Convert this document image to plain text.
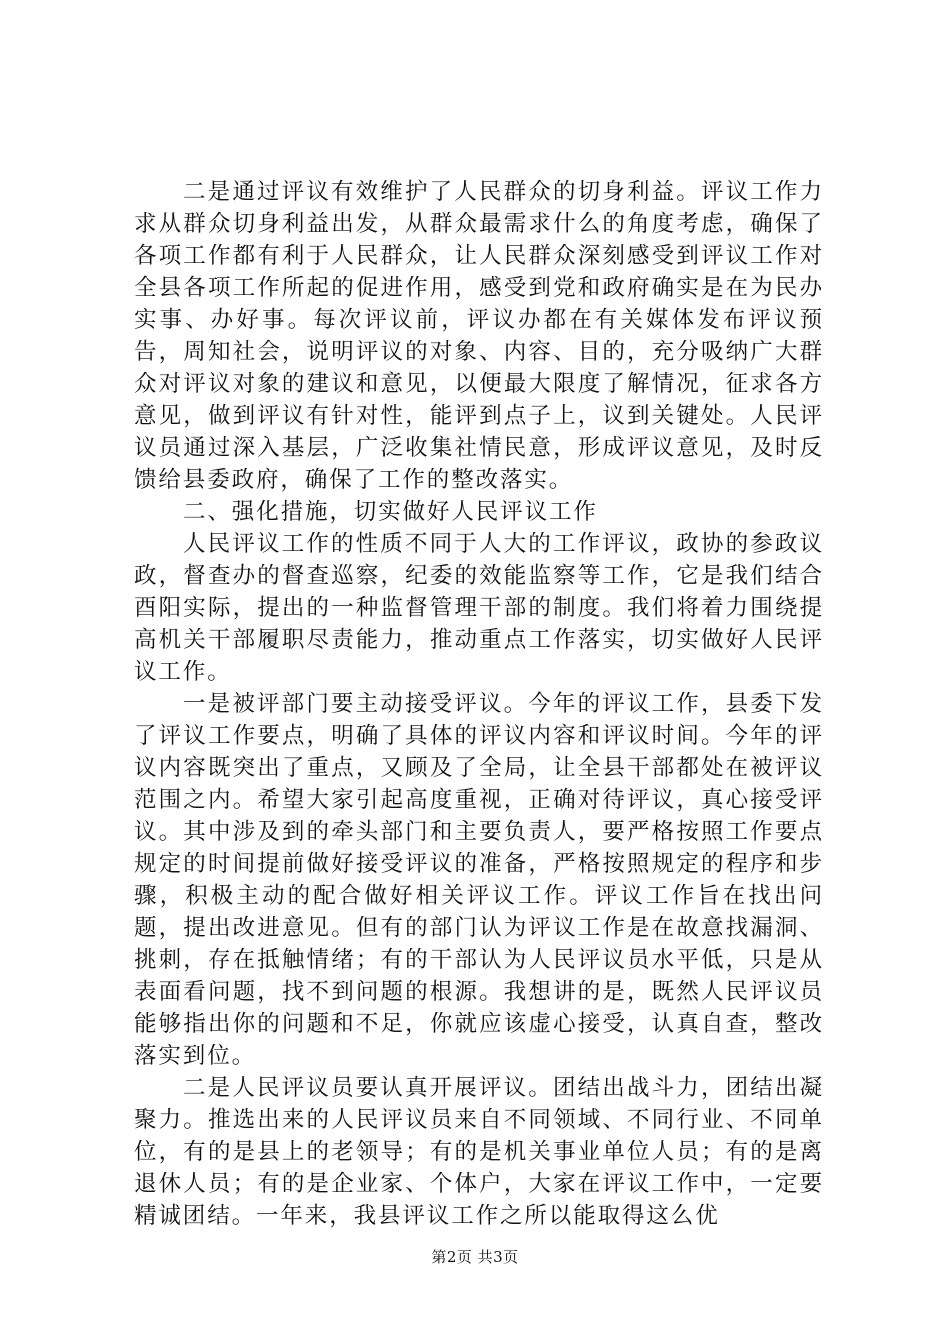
二是通过评议有效维护了人民群众的切身利益。评议工作力求从群众切身利益出发，从群众最需求什么的角度考虑，确保了各项工作都有利于人民群众，让人民群众深刻感受到评议工作对全县各项工作所起的促进作用，感受到党和政府确实是在为民办实事、办好事。每次评议前，评议办都在有关媒体发布评议预告，周知社会，说明评议的对象、内容、目的，充分吸纳广大群众对评议对象的建议和意见，以便最大限度了解情况，征求各方意见，做到评议有针对性，能评到点子上，议到关键处。人民评议员通过深入基层，广泛收集社情民意，形成评议意见，及时反馈给县委政府，确保了工作的整改落实。

二、强化措施，切实做好人民评议工作

人民评议工作的性质不同于人大的工作评议，政协的参政议政，督查办的督查巡察，纪委的效能监察等工作，它是我们结合酉阳实际，提出的一种监督管理干部的制度。我们将着力围绕提高机关干部履职尽责能力，推动重点工作落实，切实做好人民评议工作。

一是被评部门要主动接受评议。今年的评议工作，县委下发了评议工作要点，明确了具体的评议内容和评议时间。今年的评议内容既突出了重点，又顾及了全局，让全县干部都处在被评议范围之内。希望大家引起高度重视，正确对待评议，真心接受评议。其中涉及到的牵头部门和主要负责人，要严格按照工作要点规定的时间提前做好接受评议的准备，严格按照规定的程序和步骤，积极主动的配合做好相关评议工作。评议工作旨在找出问题，提出改进意见。但有的部门认为评议工作是在故意找漏洞、挑刺，存在抵触情绪；有的干部认为人民评议员水平低，只是从表面看问题，找不到问题的根源。我想讲的是，既然人民评议员能够指出你的问题和不足，你就应该虚心接受，认真自查，整改落实到位。

二是人民评议员要认真开展评议。团结出战斗力，团结出凝聚力。推选出来的人民评议员来自不同领域、不同行业、不同单位，有的是县上的老领导；有的是机关事业单位人员；有的是离退休人员；有的是企业家、个体户，大家在评议工作中，一定要精诚团结。一年来，我县评议工作之所以能取得这么优

第2页 共3页
